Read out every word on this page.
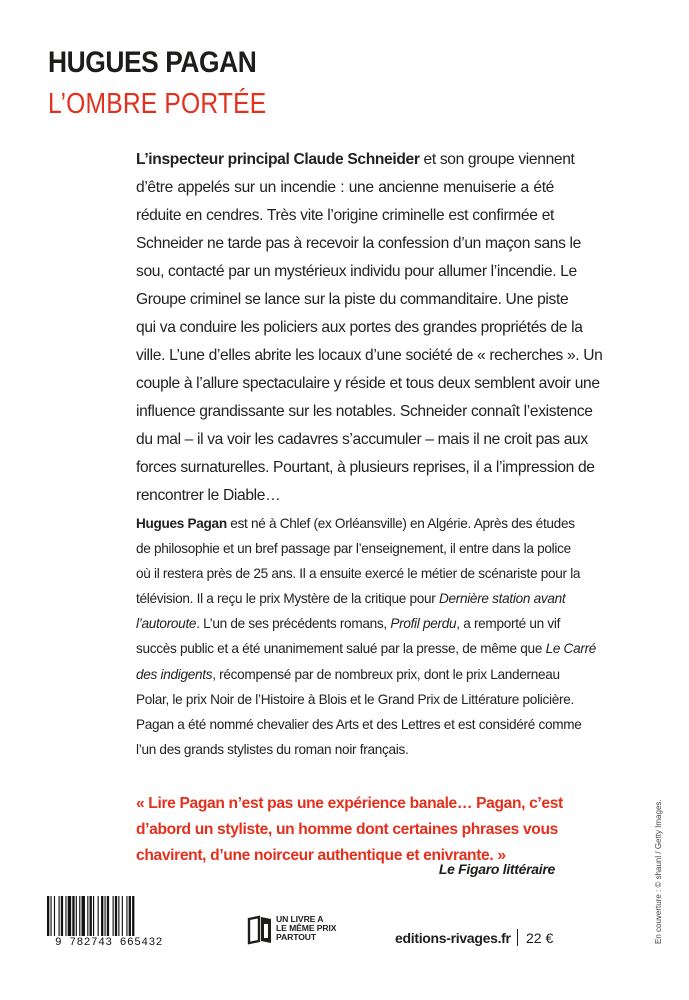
HUGUES PAGAN
L’OMBRE PORTÉE
L’inspecteur principal Claude Schneider et son groupe viennent
d’être appelés sur un incendie : une ancienne menuiserie a été
réduite en cendres. Très vite l’origine criminelle est confirmée et
Schneider ne tarde pas à recevoir la confession d’un maçon sans le
sou, contacté par un mystérieux individu pour allumer l’incendie. Le
Groupe criminel se lance sur la piste du commanditaire. Une piste
qui va conduire les policiers aux portes des grandes propriétés de la
ville. L’une d’elles abrite les locaux d’une société de « recherches ». Un
couple à l’allure spectaculaire y réside et tous deux semblent avoir une
influence grandissante sur les notables. Schneider connaît l’existence
du mal – il va voir les cadavres s’accumuler – mais il ne croit pas aux
forces surnaturelles. Pourtant, à plusieurs reprises, il a l’impression de
rencontrer le Diable…
Hugues Pagan est né à Chlef (ex Orléansville) en Algérie. Après des études
de philosophie et un bref passage par l’enseignement, il entre dans la police
où il restera près de 25 ans. Il a ensuite exercé le métier de scénariste pour la
télévision. Il a reçu le prix Mystère de la critique pour Dernière station avant
l’autoroute. L’un de ses précédents romans, Profil perdu, a remporté un vif
succès public et a été unanimement salué par la presse, de même que Le Carré
des indigents, récompensé par de nombreux prix, dont le prix Landerneau
Polar, le prix Noir de l’Histoire à Blois et le Grand Prix de Littérature policière.
Pagan a été nommé chevalier des Arts et des Lettres et est considéré comme
l’un des grands stylistes du roman noir français.
« Lire Pagan n’est pas une expérience banale… Pagan, c’est
d’abord un styliste, un homme dont certaines phrases vous
chavirent, d’une noirceur authentique et enivrante. »
Le Figaro littéraire
9 782743 665432
UN LIVRE A
LE MÊME PRIX
PARTOUT	editions-rivages.fr 22 €	En couverture : © shaunl / Getty Images.
